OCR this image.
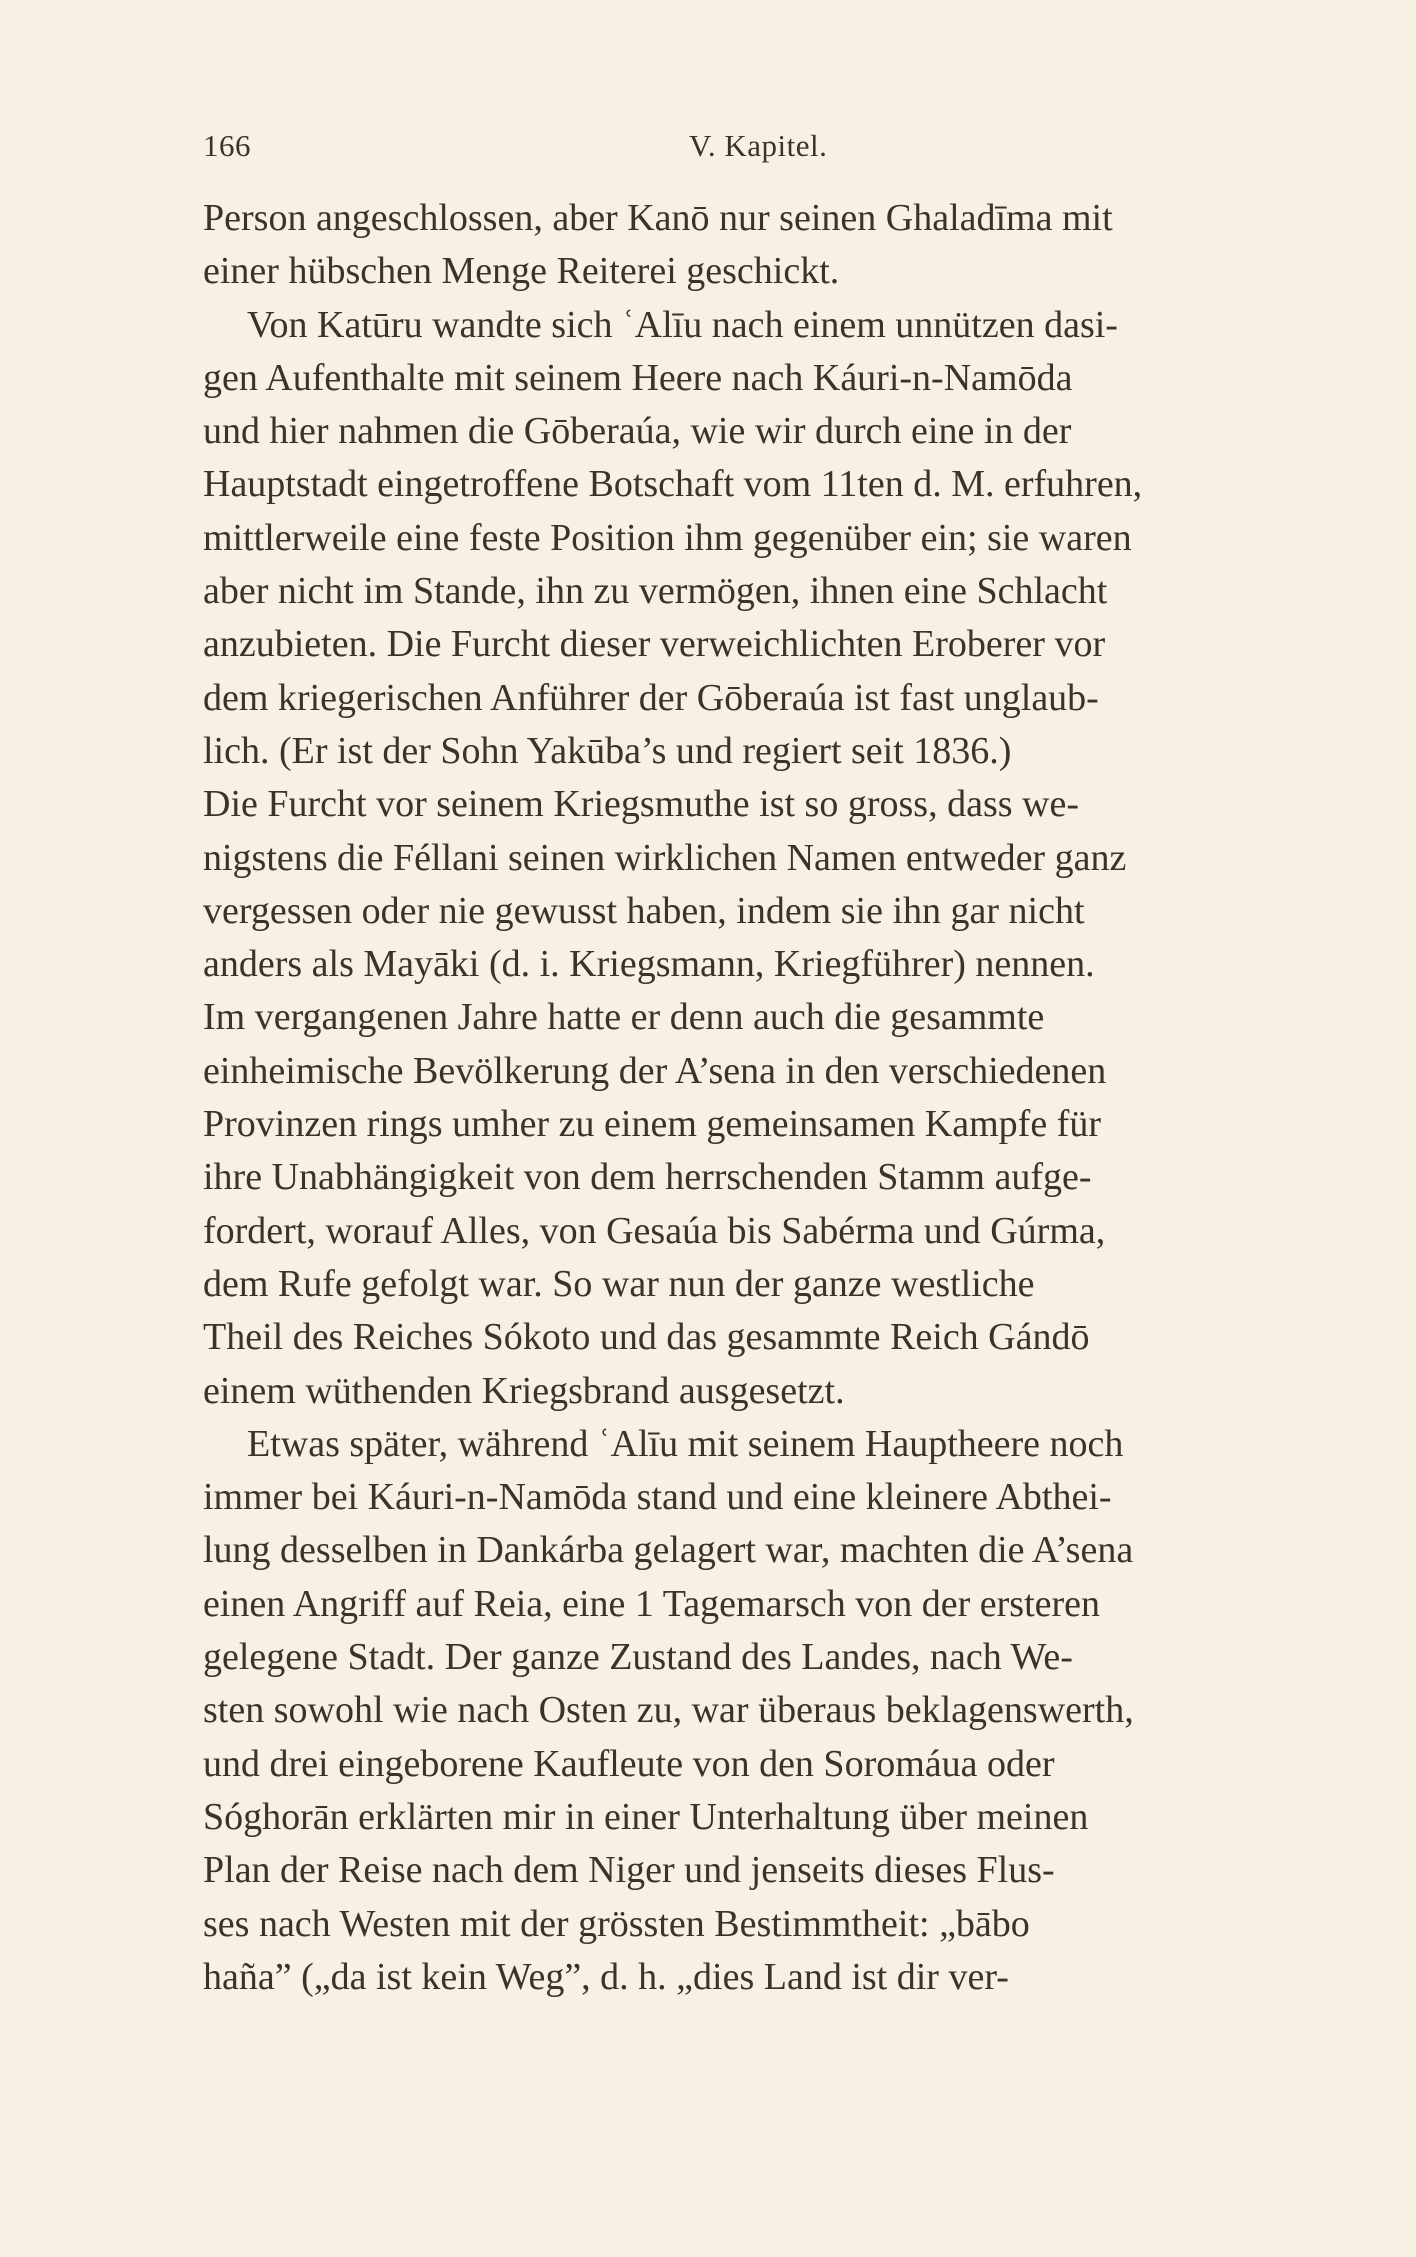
166	V. Kapitel.
Person angeschlossen, aber Kanō nur seinen Ghaladīma mit
einer hübschen Menge Reiterei geschickt.
Von Katūru wandte sich ʿAlīu nach einem unnützen dasi-
gen Aufenthalte mit seinem Heere nach Káuri-n-Namōda
und hier nahmen die Gōberaúa, wie wir durch eine in der
Hauptstadt eingetroffene Botschaft vom 11ten d. M. erfuhren,
mittlerweile eine feste Position ihm gegenüber ein; sie waren
aber nicht im Stande, ihn zu vermögen, ihnen eine Schlacht
anzubieten. Die Furcht dieser verweichlichten Eroberer vor
dem kriegerischen Anführer der Gōberaúa ist fast unglaub-
lich. (Er ist der Sohn Yakūba’s und regiert seit 1836.)
Die Furcht vor seinem Kriegsmuthe ist so gross, dass we-
nigstens die Féllani seinen wirklichen Namen entweder ganz
vergessen oder nie gewusst haben, indem sie ihn gar nicht
anders als Mayāki (d. i. Kriegsmann, Kriegführer) nennen.
Im vergangenen Jahre hatte er denn auch die gesammte
einheimische Bevölkerung der A’sena in den verschiedenen
Provinzen rings umher zu einem gemeinsamen Kampfe für
ihre Unabhängigkeit von dem herrschenden Stamm aufge-
fordert, worauf Alles, von Gesaúa bis Sabérma und Gúrma,
dem Rufe gefolgt war. So war nun der ganze westliche
Theil des Reiches Sókoto und das gesammte Reich Gándō
einem wüthenden Kriegsbrand ausgesetzt.
Etwas später, während ʿAlīu mit seinem Hauptheere noch
immer bei Káuri-n-Namōda stand und eine kleinere Abthei-
lung desselben in Dankárba gelagert war, machten die A’sena
einen Angriff auf Reia, eine 1 Tagemarsch von der ersteren
gelegene Stadt. Der ganze Zustand des Landes, nach We-
sten sowohl wie nach Osten zu, war überaus beklagenswerth,
und drei eingeborene Kaufleute von den Soromáua oder
Sóghorān erklärten mir in einer Unterhaltung über meinen
Plan der Reise nach dem Niger und jenseits dieses Flus-
ses nach Westen mit der grössten Bestimmtheit: „bābo
haña” („da ist kein Weg”, d. h. „dies Land ist dir ver-
